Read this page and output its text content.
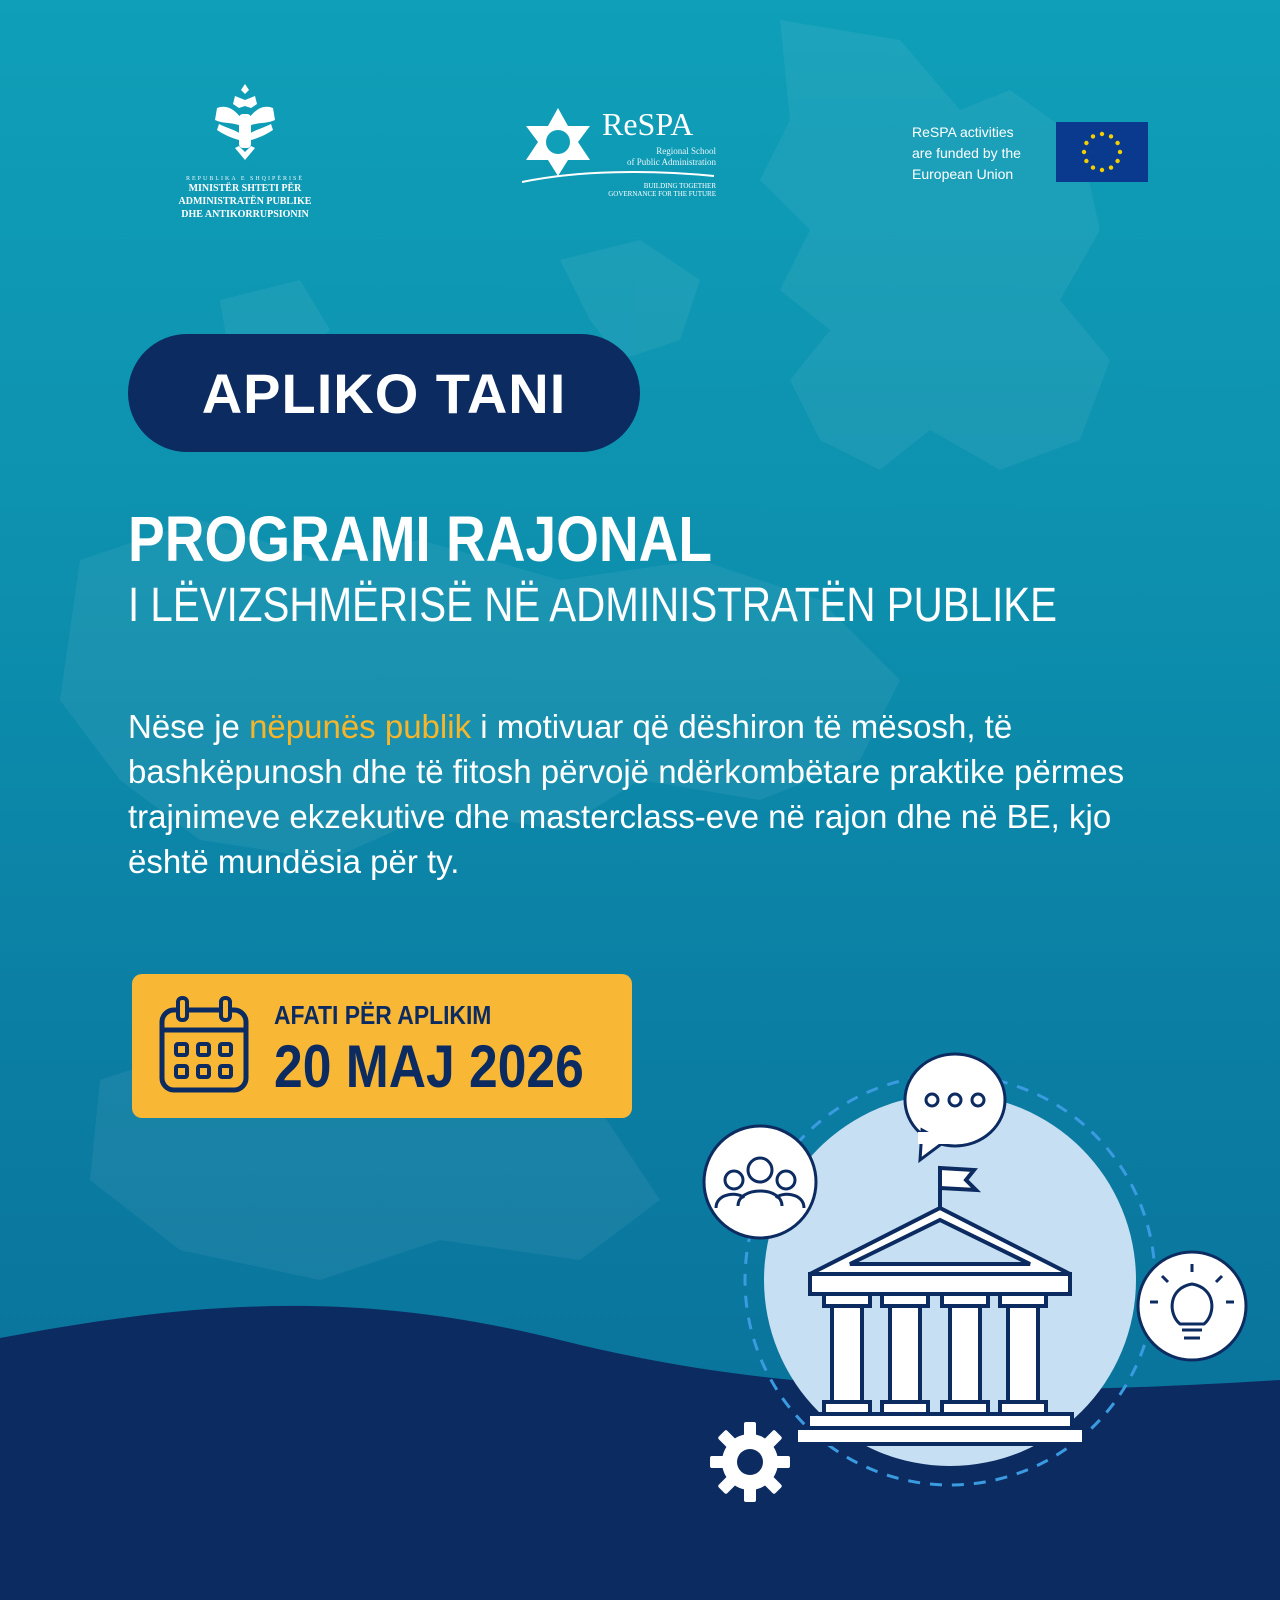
REPUBLIKA E SHQIPËRISË
MINISTËR SHTETI PËR
ADMINISTRATËN PUBLIKE
DHE ANTIKORRUPSIONIN
ReSPA
Regional School
of Public Administration
BUILDING TOGETHER
GOVERNANCE FOR THE FUTURE
ReSPA activities
are funded by the
European Union
APLIKO TANI
PROGRAMI RAJONAL
I LËVIZSHMËRISË NË ADMINISTRATËN PUBLIKE
Nëse je nëpunës publik i motivuar që dëshiron të mësosh, të bashkëpunosh dhe të fitosh përvojë ndërkombëtare praktike përmes trajnimeve ekzekutive dhe masterclass-eve në rajon dhe në BE, kjo është mundësia për ty.
AFATI PËR APLIKIM
20 MAJ 2026
